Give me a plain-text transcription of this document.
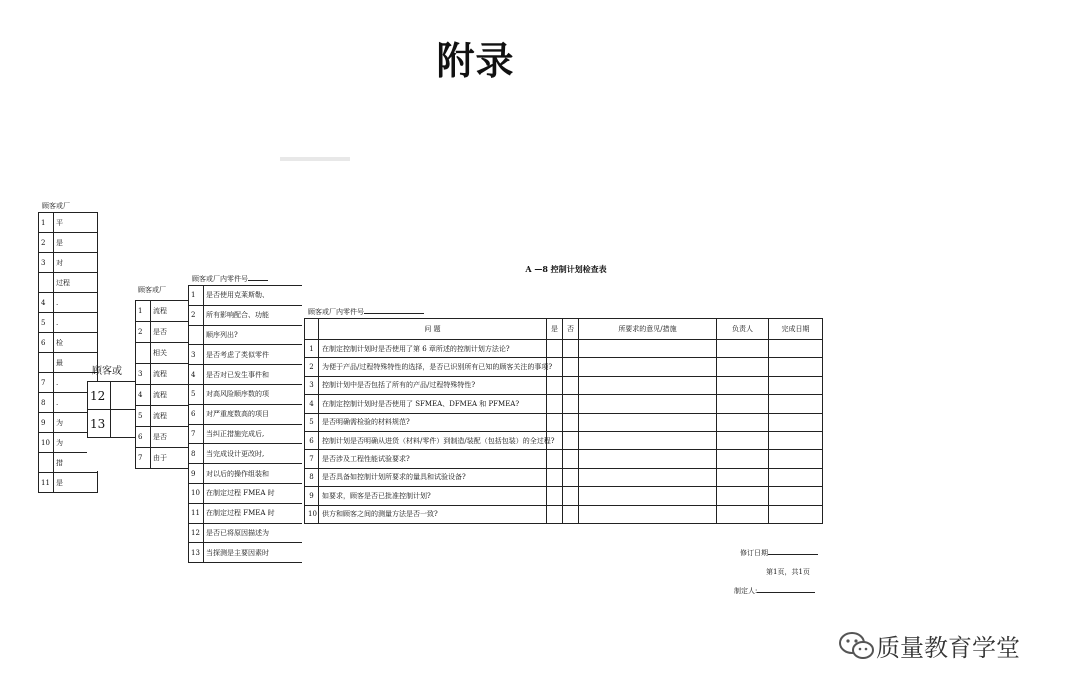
附录
顾客或厂
1	平
2	是
3	对
	过程
4	.
5	.
6	检
	最
7	.
8	.
9	为
10	为
	措
11	是
顾客或
12	
13	
顾客或厂
1	流程
2	是否
	相关
3	流程
4	流程
5	流程
6	是否
7	由于
顾客或厂内零件号
1	是否使用克莱斯勒、
2	所有影响配合、功能
	顺序列出?
3	是否考虑了类似零件
4	是否对已发生事件和
5	对高风险顺序数的项
6	对严重度数高的项目
7	当纠正措施完成后,
8	当完成设计更改时,
9	对以后的操作组装和
10	在制定过程 FMEA 时
11	在制定过程 FMEA 时
12	是否已将原因描述为
13	当探测是主要因素时
A —8 控制计划检查表
顾客或厂内零件号
	问 题	是	否	所要求的意见/措施	负责人	完成日期
1	在制定控制计划时是否使用了第 6 章所述的控制计划方法论?					
2	为便于产品/过程特殊特性的选择，是否已识别所有已知的顾客关注的事项?					
3	控制计划中是否包括了所有的产品/过程特殊特性?					
4	在制定控制计划时是否使用了 SFMEA、DFMEA 和 PFMEA?					
5	是否明确需检验的材料规范?					
6	控制计划是否明确从进货（材料/零件）到制造/装配（包括包装）的全过程?					
7	是否涉及工程性能试验要求?					
8	是否具备如控制计划所要求的量具和试验设备?					
9	如要求，顾客是否已批准控制计划?					
10	供方和顾客之间的测量方法是否一致?					
修订日期
第1页，共1页
制定人:
质量教育学堂
